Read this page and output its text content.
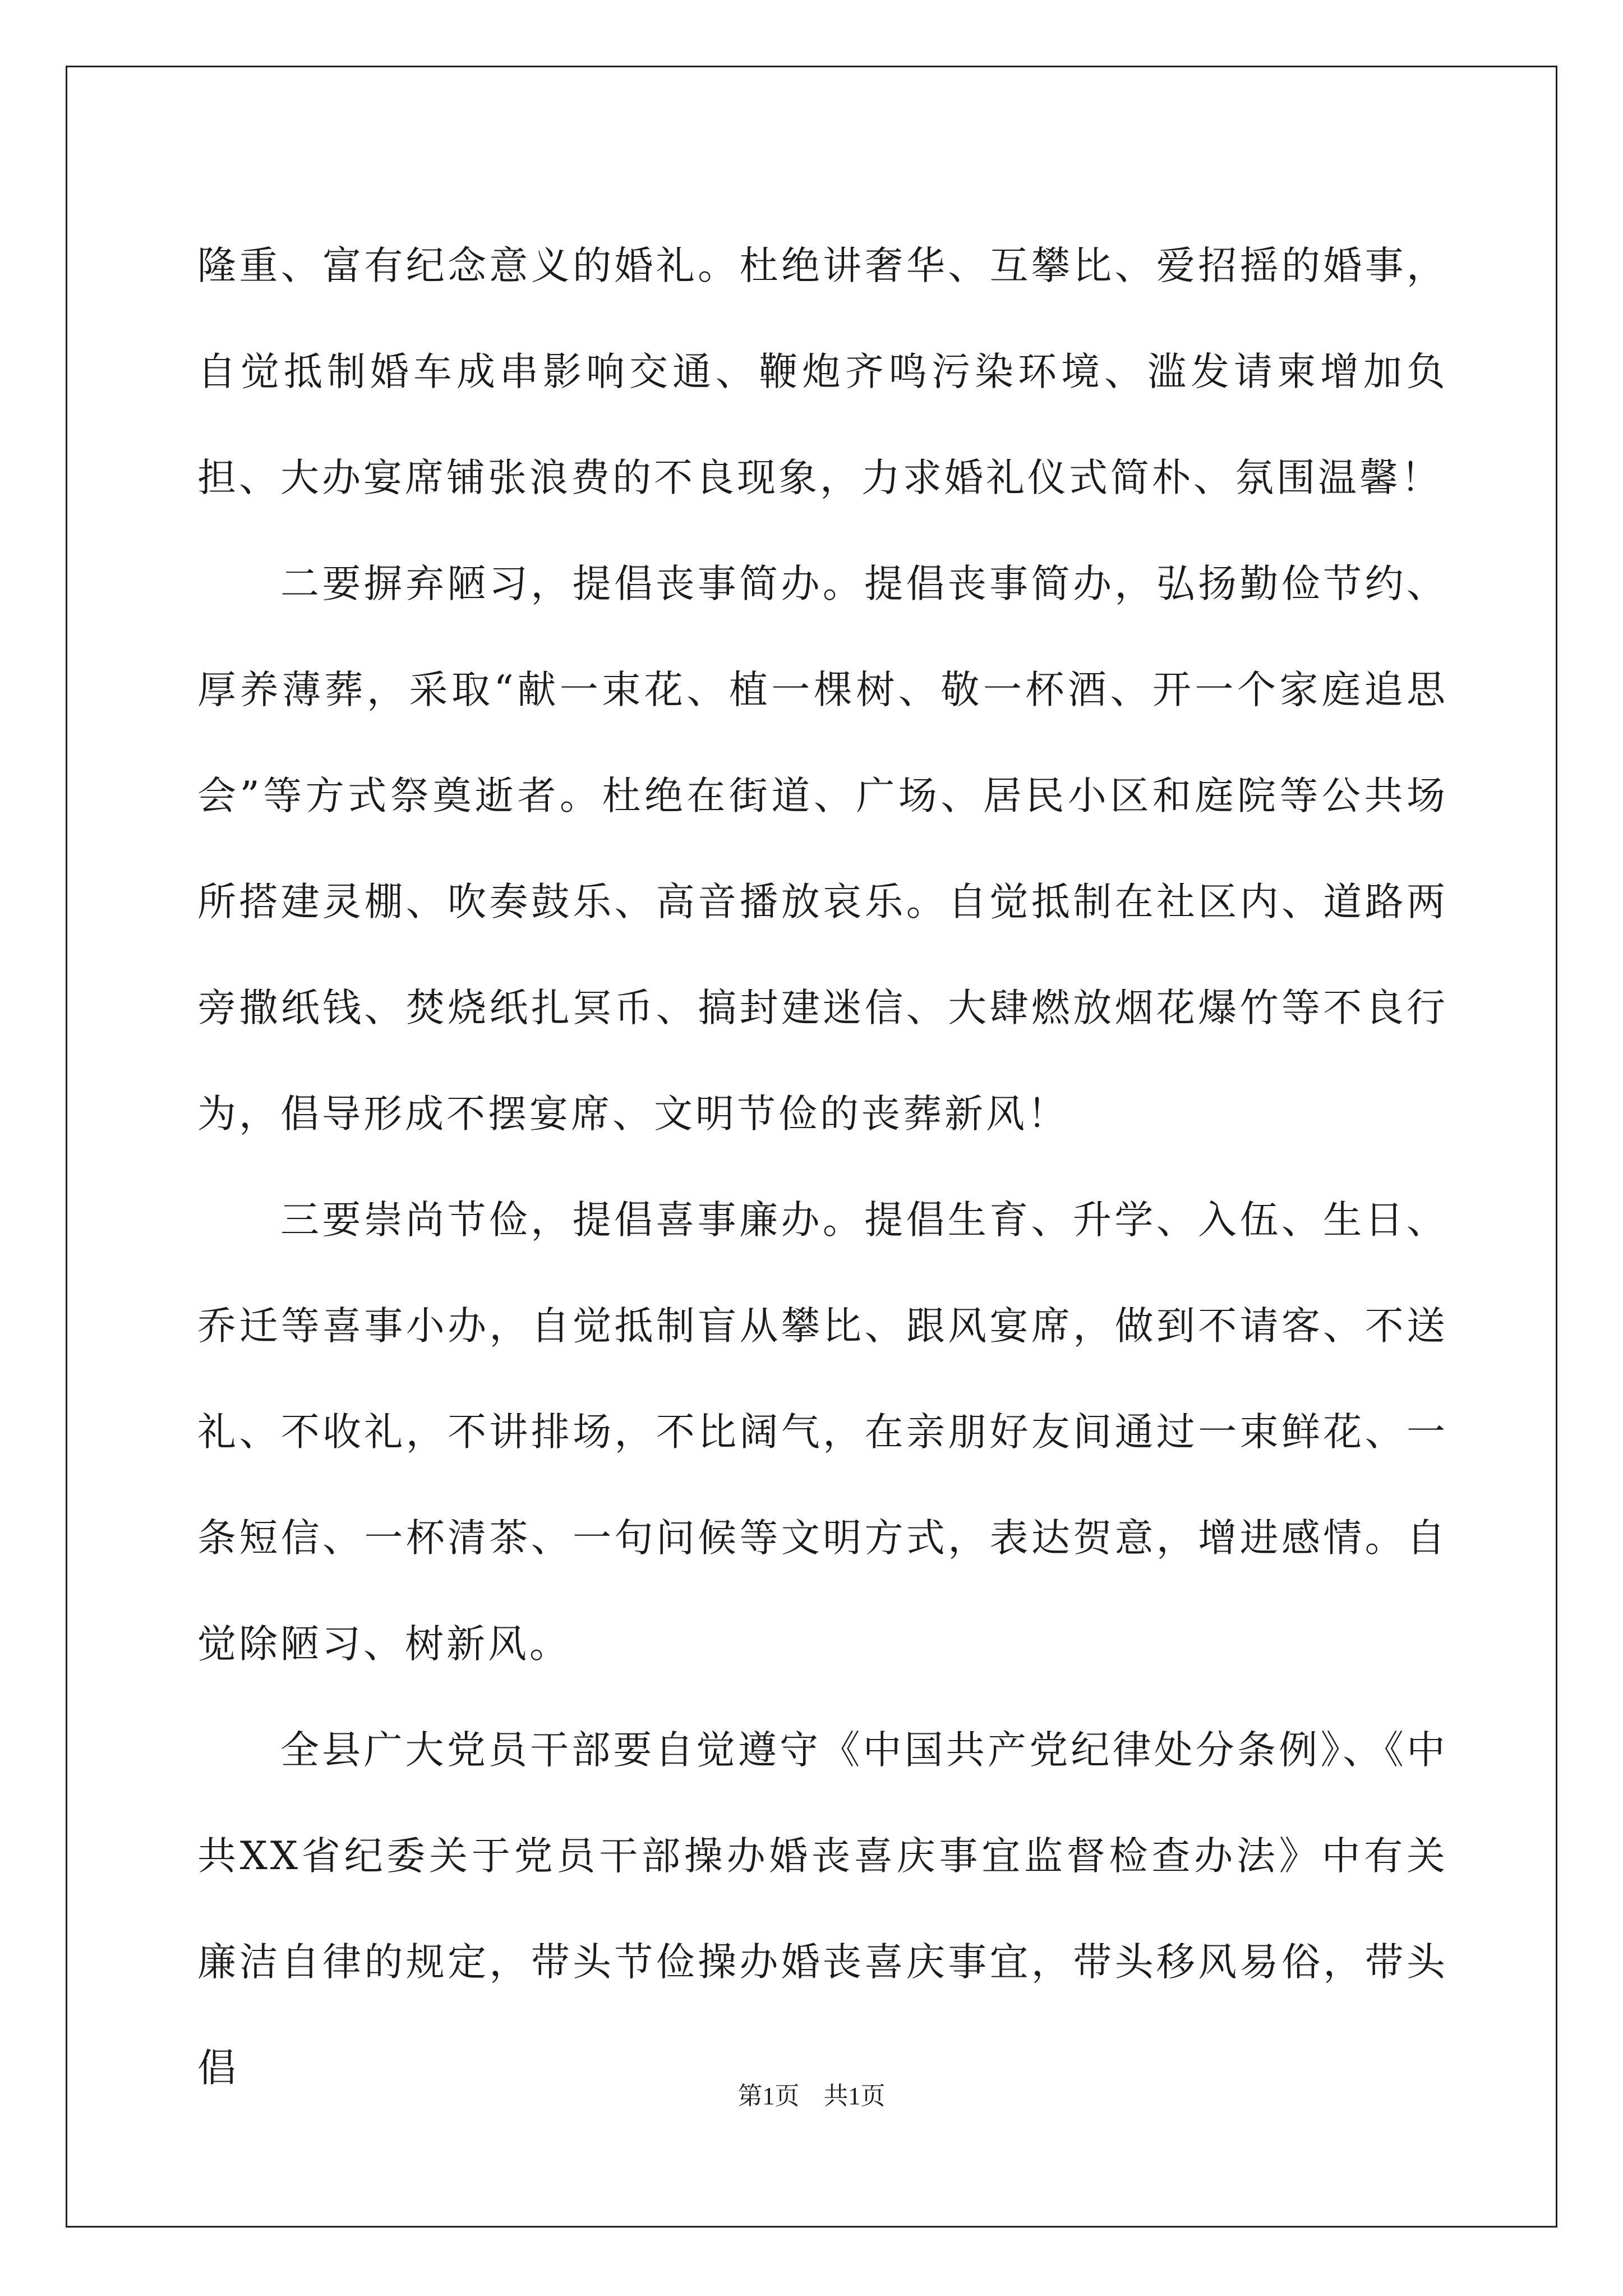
隆重、富有纪念意义的婚礼。杜绝讲奢华、互攀比、爱招摇的婚事，自觉抵制婚车成串影响交通、鞭炮齐鸣污染环境、滥发请柬增加负担、大办宴席铺张浪费的不良现象，力求婚礼仪式简朴、氛围温馨！

二要摒弃陋习，提倡丧事简办。提倡丧事简办，弘扬勤俭节约、厚养薄葬，采取“献一束花、植一棵树、敬一杯酒、开一个家庭追思会”等方式祭奠逝者。杜绝在街道、广场、居民小区和庭院等公共场所搭建灵棚、吹奏鼓乐、高音播放哀乐。自觉抵制在社区内、道路两旁撒纸钱、焚烧纸扎冥币、搞封建迷信、大肆燃放烟花爆竹等不良行为，倡导形成不摆宴席、文明节俭的丧葬新风！

三要崇尚节俭，提倡喜事廉办。提倡生育、升学、入伍、生日、乔迁等喜事小办，自觉抵制盲从攀比、跟风宴席，做到不请客、不送礼、不收礼，不讲排场，不比阔气，在亲朋好友间通过一束鲜花、一条短信、一杯清茶、一句问候等文明方式，表达贺意，增进感情。自觉除陋习、树新风。

全县广大党员干部要自觉遵守《中国共产党纪律处分条例》、《中共XX省纪委关于党员干部操办婚丧喜庆事宜监督检查办法》中有关廉洁自律的规定，带头节俭操办婚丧喜庆事宜，带头移风易俗，带头倡

第1页 共1页
